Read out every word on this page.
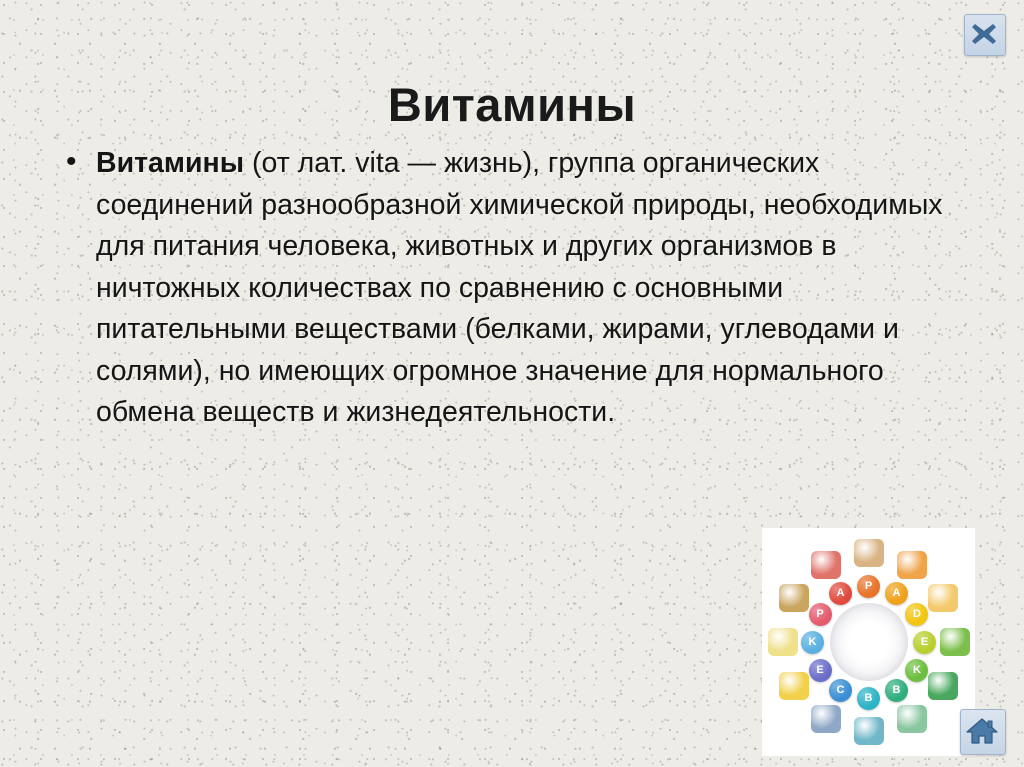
Витамины
• Витамины (от лат. vita — жизнь), группа органических соединений разнообразной химической природы, необходимых для питания человека, животных и других организмов в ничтожных количествах по сравнению с основными питательными веществами (белками, жирами, углеводами и солями), но имеющих огромное значение для нормального обмена веществ и жизнедеятельности.
P
A
D
E
K
B
B
C
E
K
P
A
